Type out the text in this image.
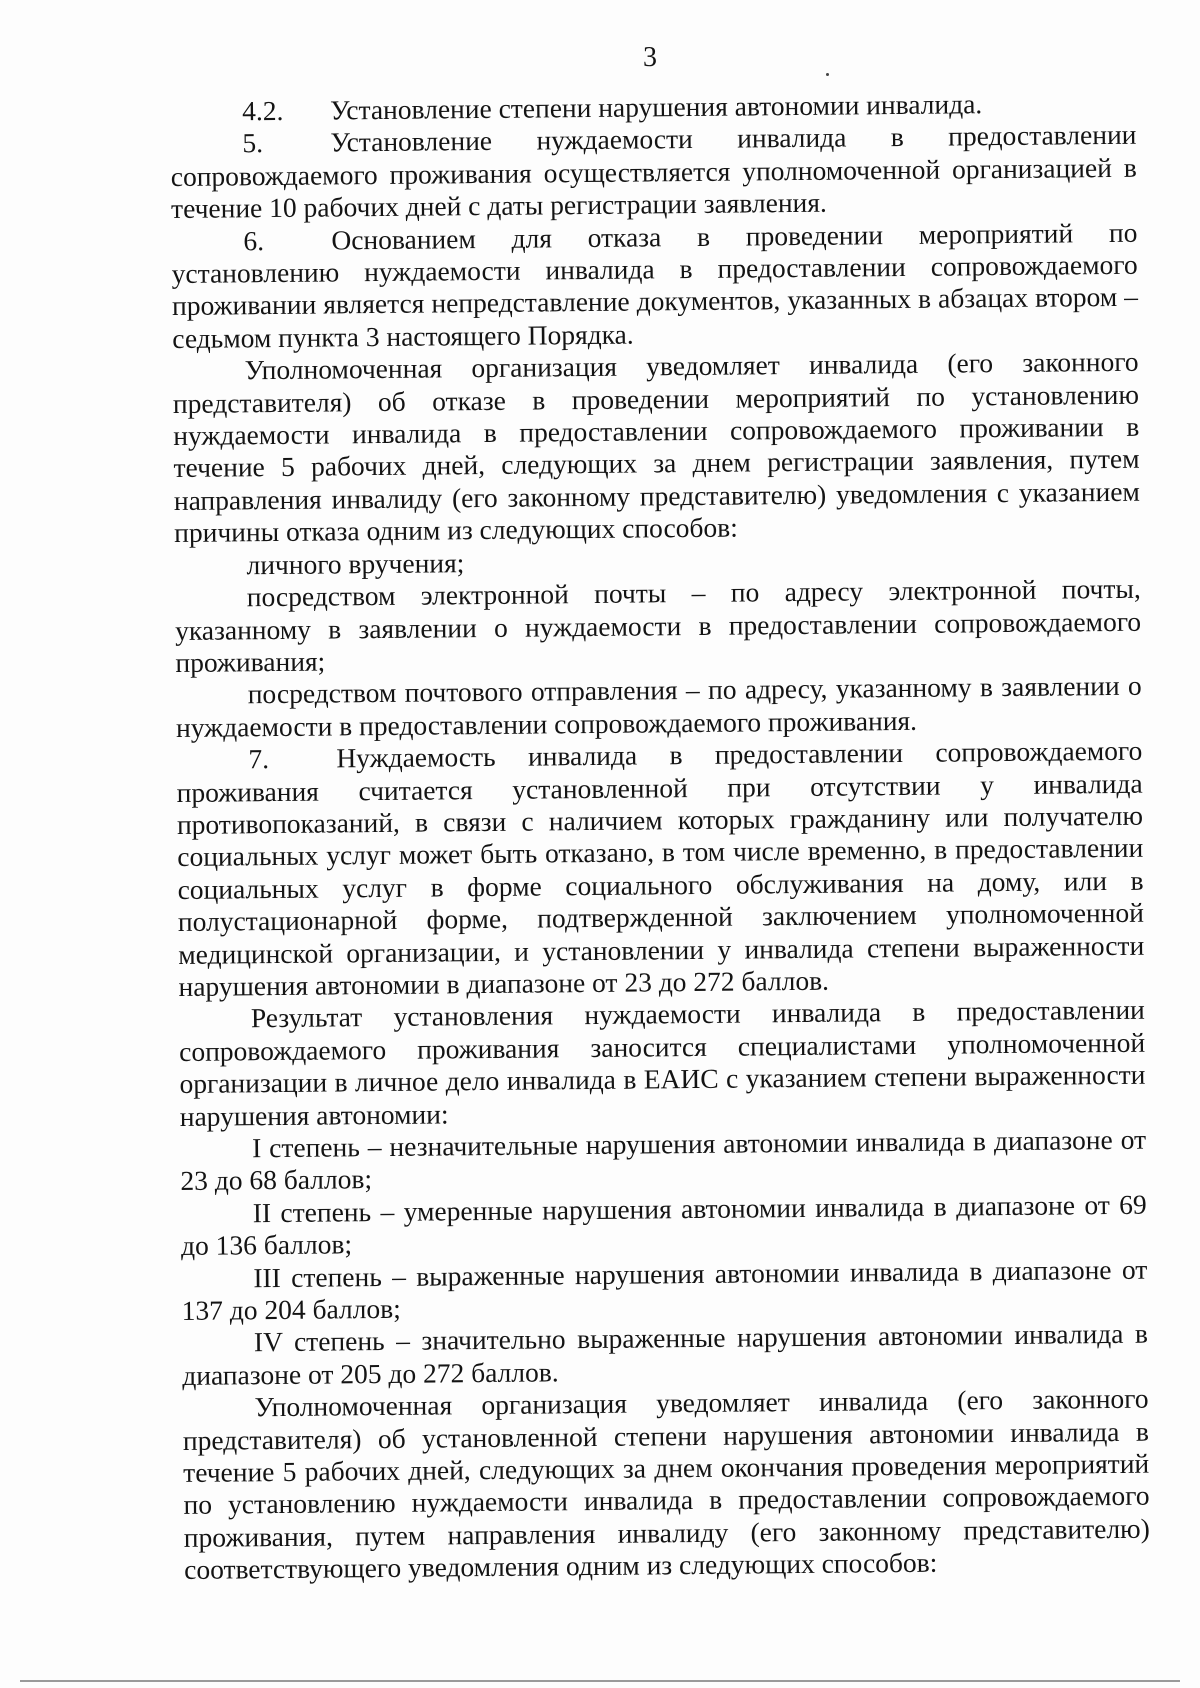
3

4.2. Установление степени нарушения автономии инвалида.

5. Установление нуждаемости инвалида в предоставлении сопровождаемого проживания осуществляется уполномоченной организацией в течение 10 рабочих дней с даты регистрации заявления.

6. Основанием для отказа в проведении мероприятий по установлению нуждаемости инвалида в предоставлении сопровождаемого проживании является непредставление документов, указанных в абзацах втором – седьмом пункта 3 настоящего Порядка.

Уполномоченная организация уведомляет инвалида (его законного представителя) об отказе в проведении мероприятий по установлению нуждаемости инвалида в предоставлении сопровождаемого проживании в течение 5 рабочих дней, следующих за днем регистрации заявления, путем направления инвалиду (его законному представителю) уведомления с указанием причины отказа одним из следующих способов:

личного вручения;

посредством электронной почты – по адресу электронной почты, указанному в заявлении о нуждаемости в предоставлении сопровождаемого проживания;

посредством почтового отправления – по адресу, указанному в заявлении о нуждаемости в предоставлении сопровождаемого проживания.

7. Нуждаемость инвалида в предоставлении сопровождаемого проживания считается установленной при отсутствии у инвалида противопоказаний, в связи с наличием которых гражданину или получателю социальных услуг может быть отказано, в том числе временно, в предоставлении социальных услуг в форме социального обслуживания на дому, или в полустационарной форме, подтвержденной заключением уполномоченной медицинской организации, и установлении у инвалида степени выраженности нарушения автономии в диапазоне от 23 до 272 баллов.

Результат установления нуждаемости инвалида в предоставлении сопровождаемого проживания заносится специалистами уполномоченной организации в личное дело инвалида в ЕАИС с указанием степени выраженности нарушения автономии:

I степень – незначительные нарушения автономии инвалида в диапазоне от 23 до 68 баллов;

II степень – умеренные нарушения автономии инвалида в диапазоне от 69 до 136 баллов;

III степень – выраженные нарушения автономии инвалида в диапазоне от 137 до 204 баллов;

IV степень – значительно выраженные нарушения автономии инвалида в диапазоне от 205 до 272 баллов.

Уполномоченная организация уведомляет инвалида (его законного представителя) об установленной степени нарушения автономии инвалида в течение 5 рабочих дней, следующих за днем окончания проведения мероприятий по установлению нуждаемости инвалида в предоставлении сопровождаемого проживания, путем направления инвалиду (его законному представителю) соответствующего уведомления одним из следующих способов:
